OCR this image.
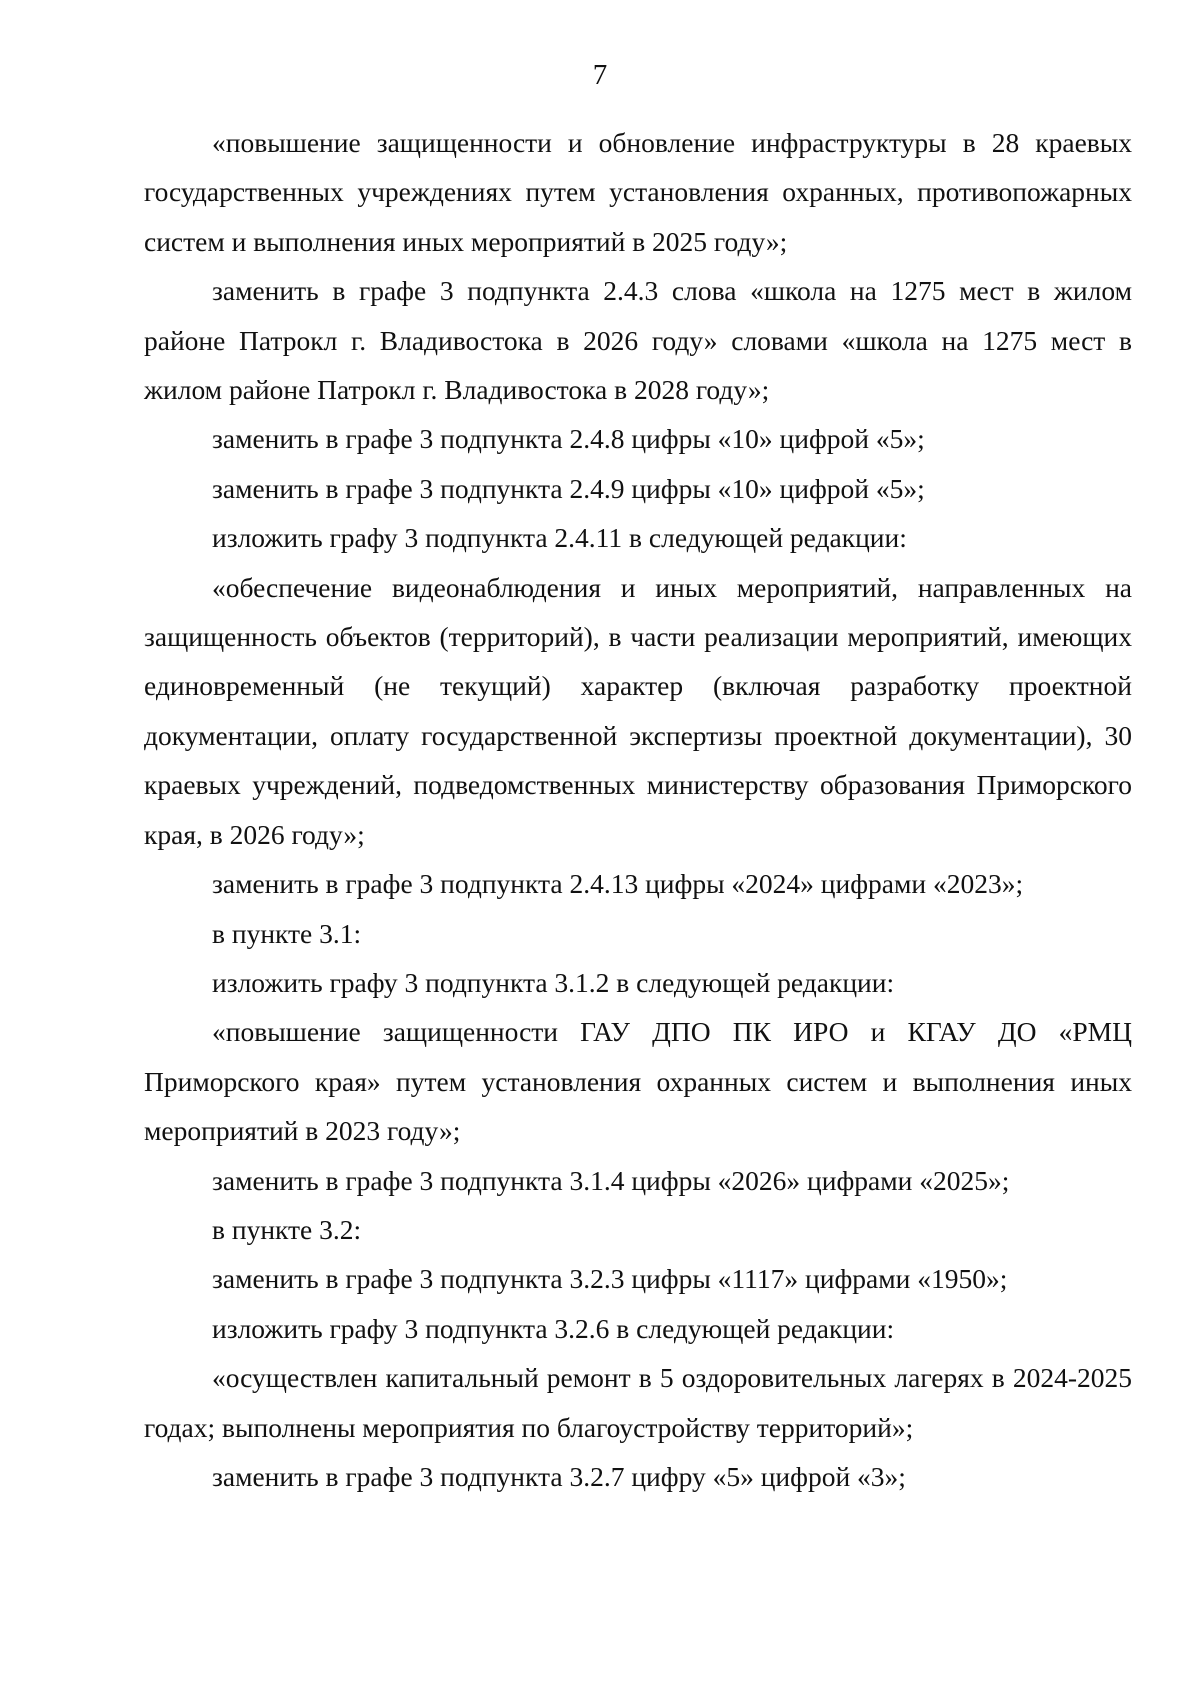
7

«повышение защищенности и обновление инфраструктуры в 28 краевых государственных учреждениях путем установления охранных, противопожарных систем и выполнения иных мероприятий в 2025 году»;

заменить в графе 3 подпункта 2.4.3 слова «школа на 1275 мест в жилом районе Патрокл г. Владивостока в 2026 году» словами «школа на 1275 мест в жилом районе Патрокл г. Владивостока в 2028 году»;

заменить в графе 3 подпункта 2.4.8 цифры «10» цифрой «5»;

заменить в графе 3 подпункта 2.4.9 цифры «10» цифрой «5»;

изложить графу 3 подпункта 2.4.11 в следующей редакции:

«обеспечение видеонаблюдения и иных мероприятий, направленных на защищенность объектов (территорий), в части реализации мероприятий, имеющих единовременный (не текущий) характер (включая разработку проектной документации, оплату государственной экспертизы проектной документации), 30 краевых учреждений, подведомственных министерству образования Приморского края, в 2026 году»;

заменить в графе 3 подпункта 2.4.13 цифры «2024» цифрами «2023»;

в пункте 3.1:

изложить графу 3 подпункта 3.1.2 в следующей редакции:

«повышение защищенности ГАУ ДПО ПК ИРО и КГАУ ДО «РМЦ Приморского края» путем установления охранных систем и выполнения иных мероприятий в 2023 году»;

заменить в графе 3 подпункта 3.1.4 цифры «2026» цифрами «2025»;

в пункте 3.2:

заменить в графе 3 подпункта 3.2.3 цифры «1117» цифрами «1950»;

изложить графу 3 подпункта 3.2.6 в следующей редакции:

«осуществлен капитальный ремонт в 5 оздоровительных лагерях в 2024-2025 годах; выполнены мероприятия по благоустройству территорий»;

заменить в графе 3 подпункта 3.2.7 цифру «5» цифрой «3»;
